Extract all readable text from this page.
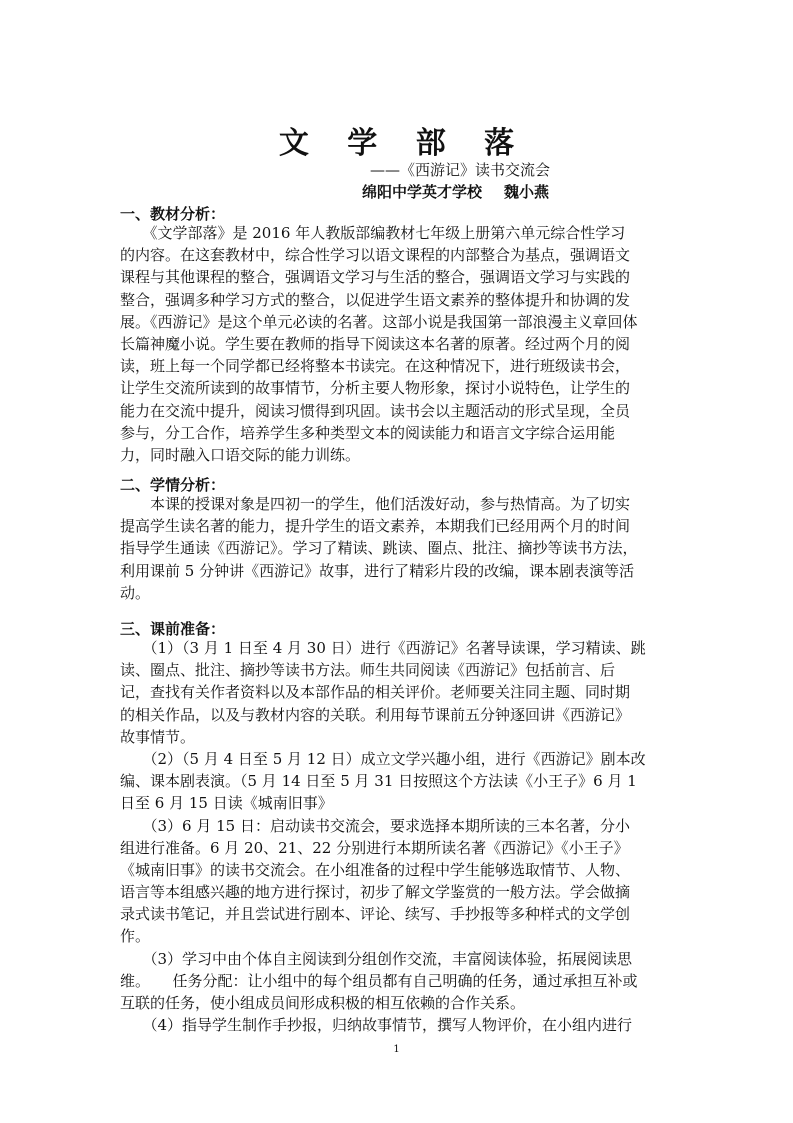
文 学 部 落
——《西游记》读书交流会
绵阳中学英才学校 魏小燕
一、教材分析：
　　《文学部落》是 2016 年人教版部编教材七年级上册第六单元综合性学习
的内容。在这套教材中，综合性学习以语文课程的内部整合为基点，强调语文
课程与其他课程的整合，强调语文学习与生活的整合，强调语文学习与实践的
整合，强调多种学习方式的整合，以促进学生语文素养的整体提升和协调的发
展。《西游记》是这个单元必读的名著。这部小说是我国第一部浪漫主义章回体
长篇神魔小说。学生要在教师的指导下阅读这本名著的原著。经过两个月的阅
读，班上每一个同学都已经将整本书读完。在这种情况下，进行班级读书会，
让学生交流所读到的故事情节，分析主要人物形象，探讨小说特色，让学生的
能力在交流中提升，阅读习惯得到巩固。读书会以主题活动的形式呈现，全员
参与，分工合作，培养学生多种类型文本的阅读能力和语言文字综合运用能
力，同时融入口语交际的能力训练。
二、学情分析：
　　本课的授课对象是四初一的学生，他们活泼好动，参与热情高。为了切实
提高学生读名著的能力，提升学生的语文素养，本期我们已经用两个月的时间
指导学生通读《西游记》。学习了精读、跳读、圈点、批注、摘抄等读书方法，
利用课前 5 分钟讲《西游记》故事，进行了精彩片段的改编，课本剧表演等活
动。
三、课前准备：
　　（1）（3 月 1 日至 4 月 30 日）进行《西游记》名著导读课，学习精读、跳
读、圈点、批注、摘抄等读书方法。师生共同阅读《西游记》包括前言、后
记，查找有关作者资料以及本部作品的相关评价。老师要关注同主题、同时期
的相关作品，以及与教材内容的关联。利用每节课前五分钟逐回讲《西游记》
故事情节。
　　（2）（5 月 4 日至 5 月 12 日）成立文学兴趣小组，进行《西游记》剧本改
编、课本剧表演。（5 月 14 日至 5 月 31 日按照这个方法读《小王子》6 月 1
日至 6 月 15 日读《城南旧事》
　　（3）6 月 15 日：启动读书交流会，要求选择本期所读的三本名著，分小
组进行准备。6 月 20、21、22 分别进行本期所读名著《西游记》《小王子》
《城南旧事》的读书交流会。在小组准备的过程中学生能够选取情节、人物、
语言等本组感兴趣的地方进行探讨，初步了解文学鉴赏的一般方法。学会做摘
录式读书笔记，并且尝试进行剧本、评论、续写、手抄报等多种样式的文学创
作。
　　（3）学习中由个体自主阅读到分组创作交流，丰富阅读体验，拓展阅读思
维。　　任务分配：让小组中的每个组员都有自己明确的任务，通过承担互补或
互联的任务，使小组成员间形成积极的相互依赖的合作关系。
　　（4）指导学生制作手抄报，归纳故事情节，撰写人物评价，在小组内进行
1
